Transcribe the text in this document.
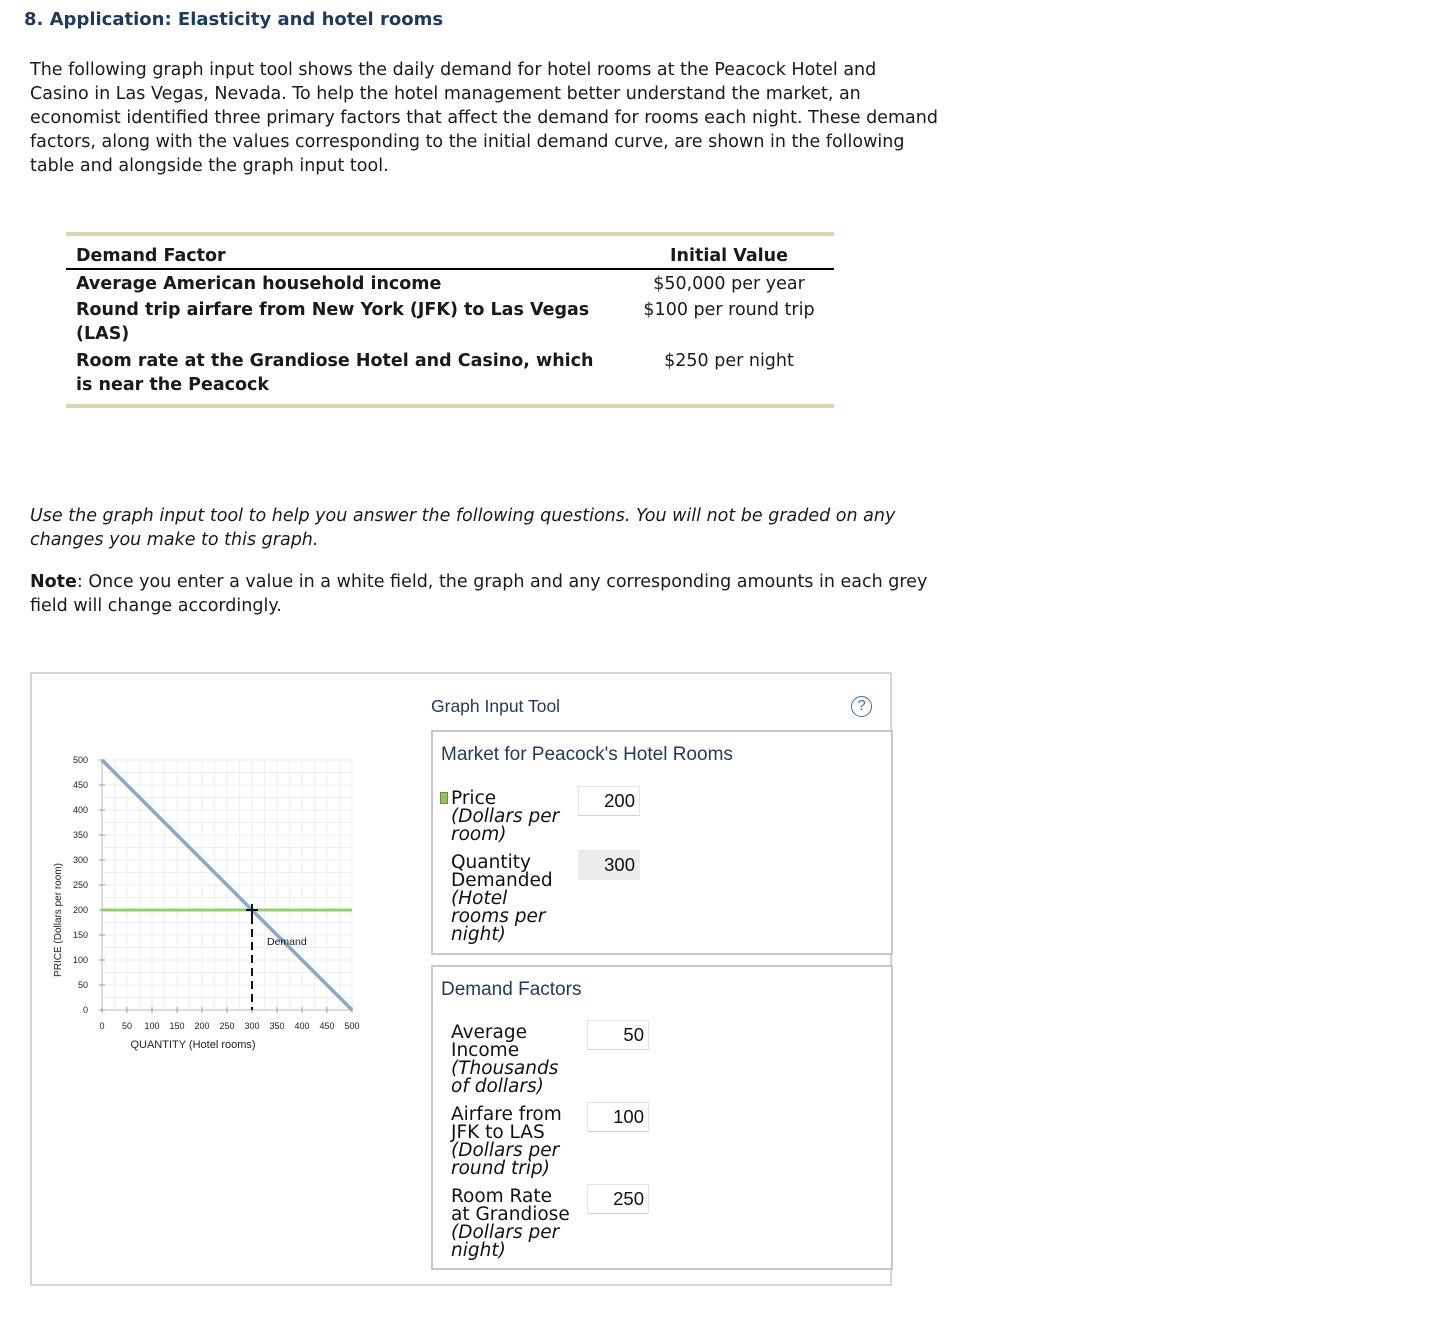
8. Application: Elasticity and hotel rooms

The following graph input tool shows the daily demand for hotel rooms at the Peacock Hotel and Casino in Las Vegas, Nevada. To help the hotel management better understand the market, an economist identified three primary factors that affect the demand for rooms each night. These demand factors, along with the values corresponding to the initial demand curve, are shown in the following table and alongside the graph input tool.

Demand Factor	Initial Value
Average American household income	$50,000 per year
Round trip airfare from New York (JFK) to Las Vegas (LAS)	$100 per round trip
Room rate at the Grandiose Hotel and Casino, which is near the Peacock	$250 per night

Use the graph input tool to help you answer the following questions. You will not be graded on any changes you make to this graph.

Note: Once you enter a value in a white field, the graph and any corresponding amounts in each grey field will change accordingly.

0 50 100 150 200 250 300 350 400 450 500
0
50
100
150
200
250
300
350
400
450
500
Demand
QUANTITY (Hotel rooms)
PRICE (Dollars per room)
Graph Input Tool	?
Market for Peacock's Hotel Rooms
Price
(Dollars per room)
200
Quantity Demanded
(Hotel rooms per night)
300
Demand Factors
Average Income
(Thousands of dollars)
50
Airfare from JFK to LAS
(Dollars per round trip)
100
Room Rate at Grandiose
(Dollars per night)
250
